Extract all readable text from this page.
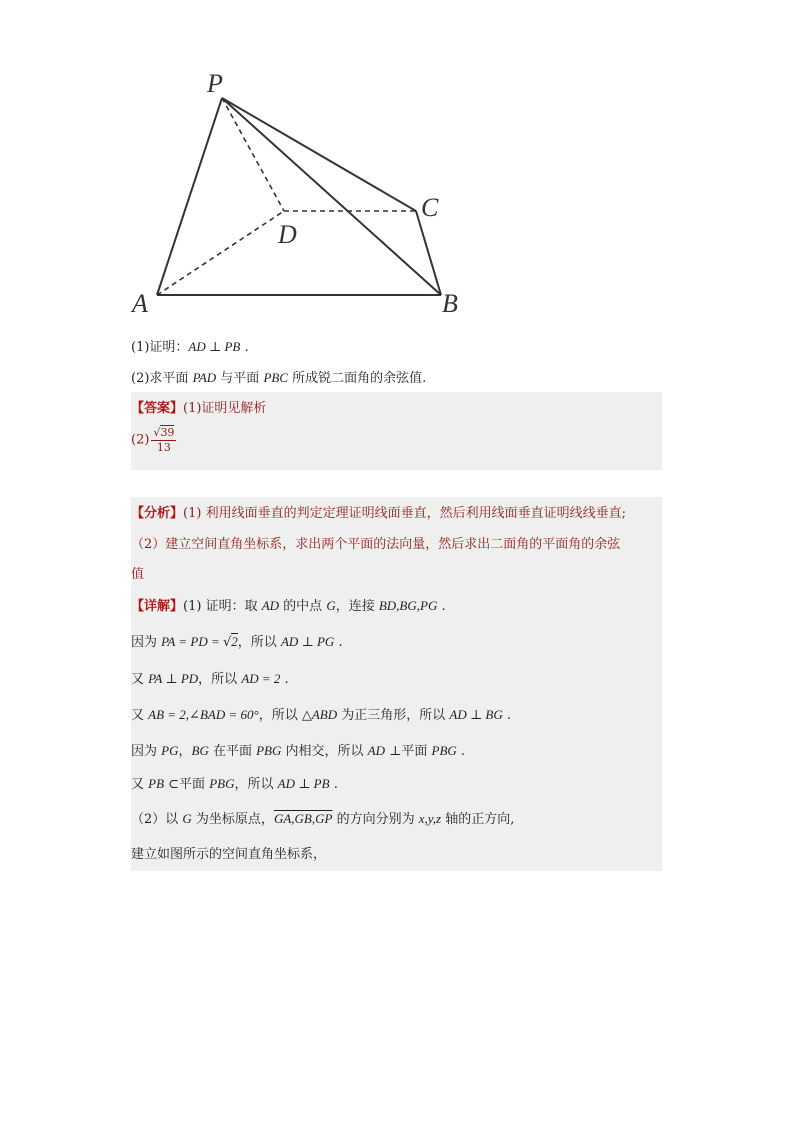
P
A	B
C
D
(1)证明：AD ⊥ PB .
(2)求平面 PAD 与平面 PBC 所成锐二面角的余弦值.
【答案】(1)证明见解析
$(2) \frac{√39}{13}$
【分析】(1) 利用线面垂直的判定定理证明线面垂直，然后利用线面垂直证明线线垂直;
（2）建立空间直角坐标系，求出两个平面的法向量，然后求出二面角的平面角的余弦
值
【详解】(1) 证明：取 AD 的中点 G，连接 BD,BG,PG .
因为 PA = PD = √2，所以 AD ⊥ PG .
又 PA ⊥ PD，所以 AD = 2 .
又 AB = 2,∠BAD = 60°，所以 △ABD 为正三角形，所以 AD ⊥ BG .
因为 PG，BG 在平面 PBG 内相交，所以 AD ⊥平面 PBG .
又 PB ⊂平面 PBG，所以 AD ⊥ PB .
（2）以 G 为坐标原点，GA,GB,GP 的方向分别为 x,y,z 轴的正方向,
建立如图所示的空间直角坐标系，
